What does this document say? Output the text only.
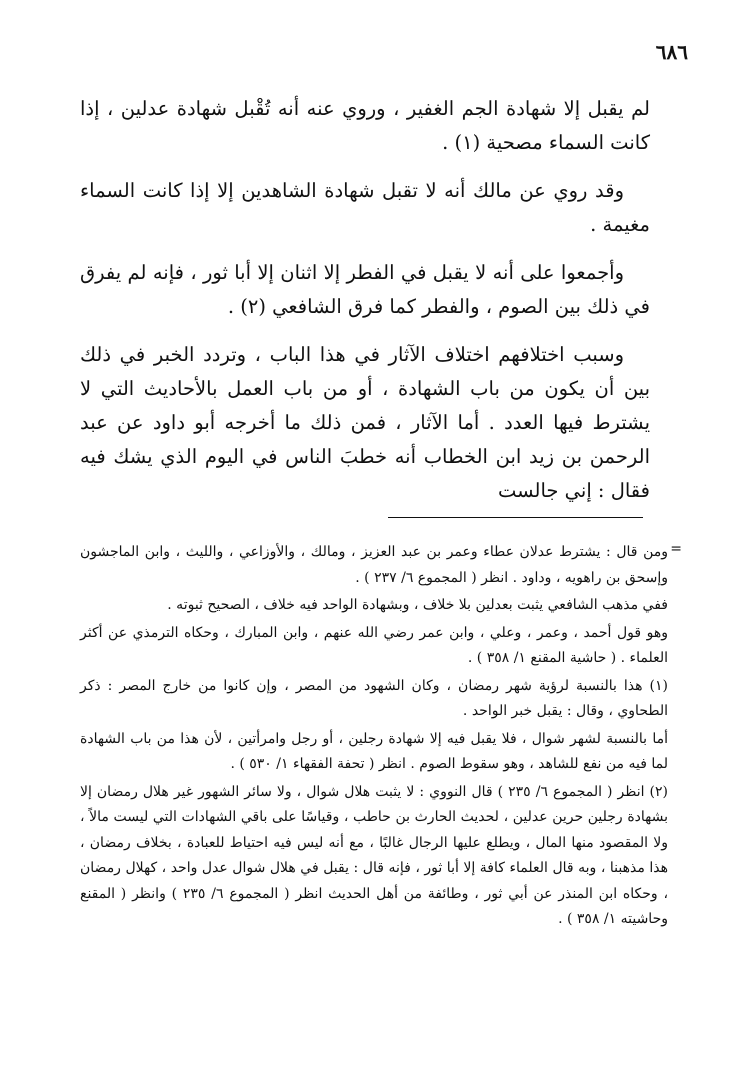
٦٨٦

لم يقبل إلا شهادة الجم الغفير ، وروي عنه أنه تُقْبل شهادة عدلين ، إذا كانت السماء مصحية (١) .

وقد روي عن مالك أنه لا تقبل شهادة الشاهدين إلا إذا كانت السماء مغيمة .

وأجمعوا على أنه لا يقبل في الفطر إلا اثنان إلا أبا ثور ، فإنه لم يفرق في ذلك بين الصوم ، والفطر كما فرق الشافعي (٢) .

وسبب اختلافهم اختلاف الآثار في هذا الباب ، وتردد الخبر في ذلك بين أن يكون من باب الشهادة ، أو من باب العمل بالأحاديث التي لا يشترط فيها العدد . أما الآثار ، فمن ذلك ما أخرجه أبو داود عن عبد الرحمن بن زيد ابن الخطاب أنه خطبَ الناس في اليوم الذي يشك فيه فقال : إني جالست

=

ومن قال : يشترط عدلان عطاء وعمر بن عبد العزيز ، ومالك ، والأوزاعي ، والليث ، وابن الماجشون وإسحق بن راهويه ، وداود . انظر ( المجموع ٦/ ٢٣٧ ) .

ففي مذهب الشافعي يثبت بعدلين بلا خلاف ، وبشهادة الواحد فيه خلاف ، الصحيح ثبوته .

وهو قول أحمد ، وعمر ، وعلي ، وابن عمر رضي الله عنهم ، وابن المبارك ، وحكاه الترمذي عن أكثر العلماء . ( حاشية المقنع ١/ ٣٥٨ ) .

(١) هذا بالنسبة لرؤية شهر رمضان ، وكان الشهود من المصر ، وإن كانوا من خارج المصر : ذكر الطحاوي ، وقال : يقبل خبر الواحد .

أما بالنسبة لشهر شوال ، فلا يقبل فيه إلا شهادة رجلين ، أو رجل وامرأتين ، لأن هذا من باب الشهادة لما فيه من نفع للشاهد ، وهو سقوط الصوم . انظر ( تحفة الفقهاء ١/ ٥٣٠ ) .

(٢) انظر ( المجموع ٦/ ٢٣٥ ) قال النووي : لا يثبت هلال شوال ، ولا سائر الشهور غير هلال رمضان إلا بشهادة رجلين حرين عدلين ، لحديث الحارث بن حاطب ، وقياسًا على باقي الشهادات التي ليست مالاً ، ولا المقصود منها المال ، ويطلع عليها الرجال غالبًا ، مع أنه ليس فيه احتياط للعبادة ، بخلاف رمضان ، هذا مذهبنا ، وبه قال العلماء كافة إلا أبا ثور ، فإنه قال : يقبل في هلال شوال عدل واحد ، كهلال رمضان ، وحكاه ابن المنذر عن أبي ثور ، وطائفة من أهل الحديث انظر ( المجموع ٦/ ٢٣٥ ) وانظر ( المقنع وحاشيته ١/ ٣٥٨ ) .
